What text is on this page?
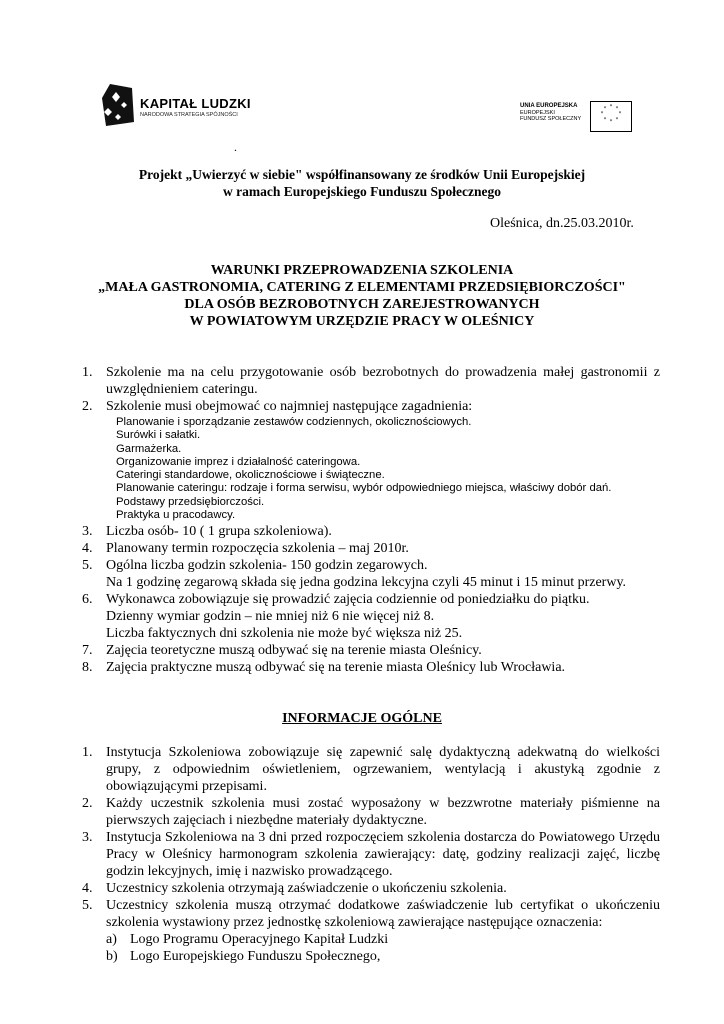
KAPITAŁ LUDZKI
NARODOWA STRATEGIA SPÓJNOŚCI
UNIA EUROPEJSKA
EUROPEJSKI
FUNDUSZ SPOŁECZNY
* *
*
*
*
*
*
*
.
Projekt „Uwierzyć w siebie" współfinansowany ze środków Unii Europejskiej
w ramach Europejskiego Funduszu Społecznego
Oleśnica, dn.25.03.2010r.
WARUNKI PRZEPROWADZENIA SZKOLENIA
„MAŁA GASTRONOMIA, CATERING Z ELEMENTAMI PRZEDSIĘBIORCZOŚCI"
DLA OSÓB BEZROBOTNYCH ZAREJESTROWANYCH
W POWIATOWYM URZĘDZIE PRACY W OLEŚNICY
1. Szkolenie ma na celu przygotowanie osób bezrobotnych do prowadzenia małej gastronomii z uwzględnieniem cateringu.
2. Szkolenie musi obejmować co najmniej następujące zagadnienia:
Planowanie i sporządzanie zestawów codziennych, okolicznościowych.
Surówki i sałatki.
Garmażerka.
Organizowanie imprez i działalność cateringowa.
Cateringi standardowe, okolicznościowe i świąteczne.
Planowanie cateringu: rodzaje i forma serwisu, wybór odpowiedniego miejsca, właściwy dobór dań.
Podstawy przedsiębiorczości.
Praktyka u pracodawcy.
3. Liczba osób- 10 ( 1 grupa szkoleniowa).
4. Planowany termin rozpoczęcia szkolenia – maj 2010r.
5. Ogólna liczba godzin szkolenia- 150 godzin zegarowych.
Na 1 godzinę zegarową składa się jedna godzina lekcyjna czyli 45 minut i 15 minut przerwy.
6. Wykonawca zobowiązuje się prowadzić zajęcia codziennie od poniedziałku do piątku.
Dzienny wymiar godzin – nie mniej niż 6 nie więcej niż 8.
Liczba faktycznych dni szkolenia nie może być większa niż 25.
7. Zajęcia teoretyczne muszą odbywać się na terenie miasta Oleśnicy.
8. Zajęcia praktyczne muszą odbywać się na terenie miasta Oleśnicy lub Wrocławia.
INFORMACJE OGÓLNE
1. Instytucja Szkoleniowa zobowiązuje się zapewnić salę dydaktyczną adekwatną do wielkości grupy, z odpowiednim oświetleniem, ogrzewaniem, wentylacją i akustyką zgodnie z obowiązującymi przepisami.
2. Każdy uczestnik szkolenia musi zostać wyposażony w bezzwrotne materiały piśmienne na pierwszych zajęciach i niezbędne materiały dydaktyczne.
3. Instytucja Szkoleniowa na 3 dni przed rozpoczęciem szkolenia dostarcza do Powiatowego Urzędu Pracy w Oleśnicy harmonogram szkolenia zawierający: datę, godziny realizacji zajęć, liczbę godzin lekcyjnych, imię i nazwisko prowadzącego.
4. Uczestnicy szkolenia otrzymają zaświadczenie o ukończeniu szkolenia.
5. Uczestnicy szkolenia muszą otrzymać dodatkowe zaświadczenie lub certyfikat o ukończeniu szkolenia wystawiony przez jednostkę szkoleniową zawierające następujące oznaczenia:
a) Logo Programu Operacyjnego Kapitał Ludzki
b) Logo Europejskiego Funduszu Społecznego,
